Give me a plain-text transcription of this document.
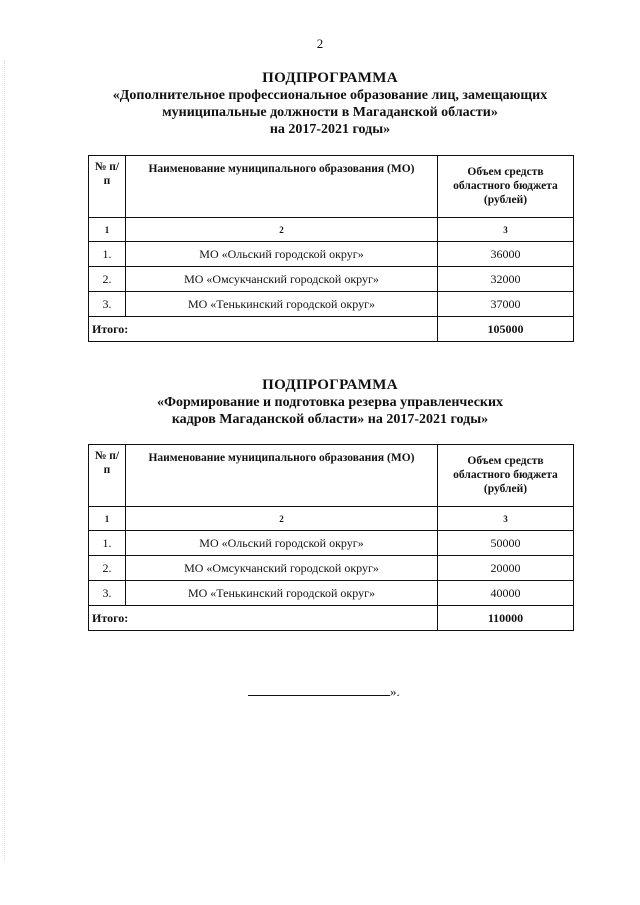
2
ПОДПРОГРАММА
«Дополнительное профессиональное образование лиц, замещающих
муниципальные должности в Магаданской области»
на 2017-2021 годы»
№ п/п	Наименование муниципального образования (МО)	Объем средств областного бюджета (рублей)
1	2	3
1.	МО «Ольский городской округ»	36000
2.	МО «Омсукчанский городской округ»	32000
3.	МО «Тенькинский городской округ»	37000
Итого:		105000
ПОДПРОГРАММА
«Формирование и подготовка резерва управленческих
кадров Магаданской области» на 2017-2021 годы»
№ п/п	Наименование муниципального образования (МО)	Объем средств областного бюджета (рублей)
1	2	3
1.	МО «Ольский городской округ»	50000
2.	МО «Омсукчанский городской округ»	20000
3.	МО «Тенькинский городской округ»	40000
Итого:		110000
».
